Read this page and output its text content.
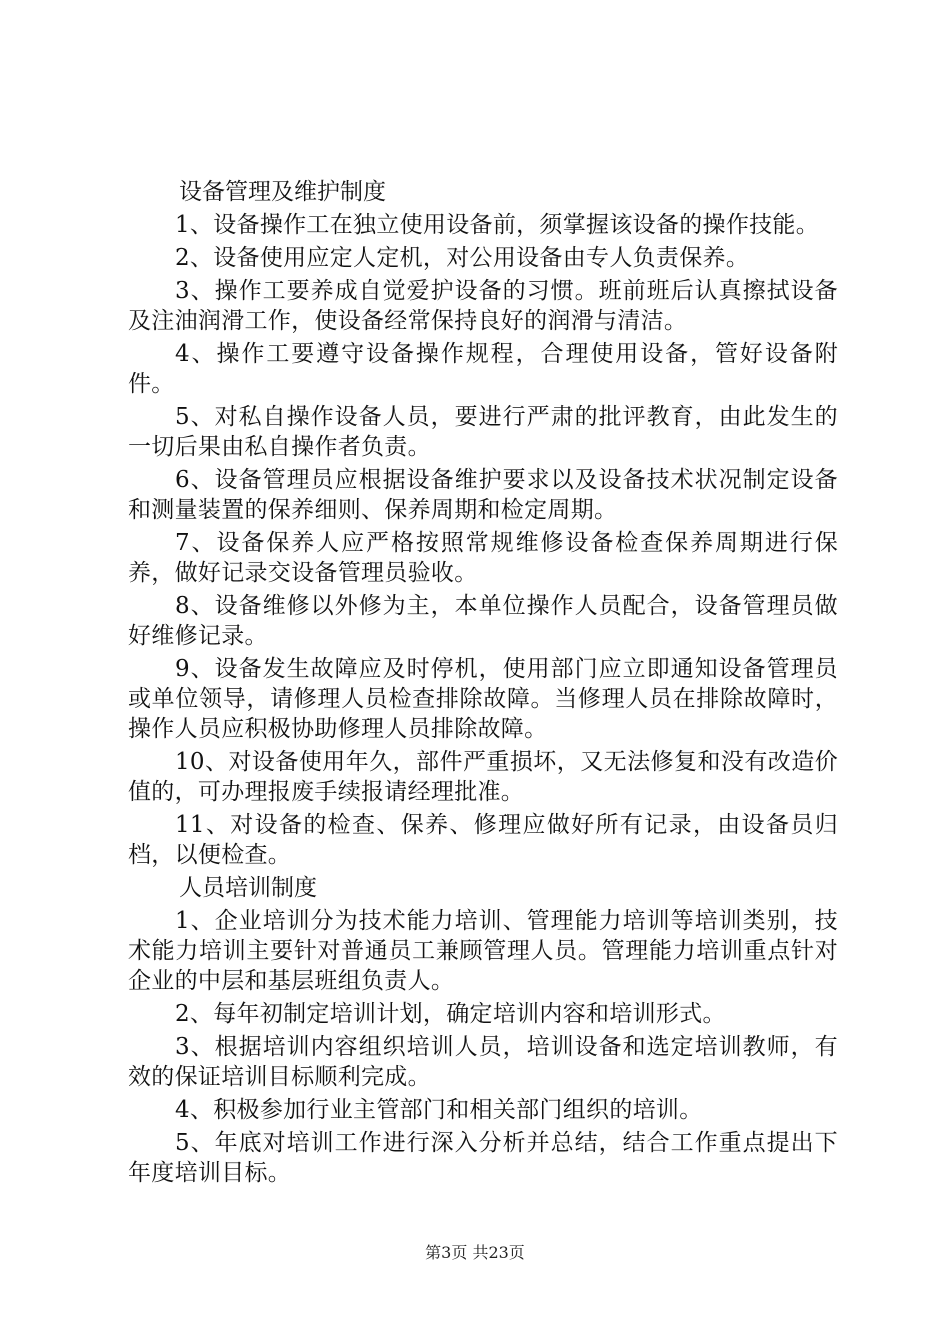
设备管理及维护制度

1、设备操作工在独立使用设备前，须掌握该设备的操作技能。

2、设备使用应定人定机，对公用设备由专人负责保养。

3、操作工要养成自觉爱护设备的习惯。班前班后认真擦拭设备及注油润滑工作，使设备经常保持良好的润滑与清洁。

4、操作工要遵守设备操作规程，合理使用设备，管好设备附件。

5、对私自操作设备人员，要进行严肃的批评教育，由此发生的一切后果由私自操作者负责。

6、设备管理员应根据设备维护要求以及设备技术状况制定设备和测量装置的保养细则、保养周期和检定周期。

7、设备保养人应严格按照常规维修设备检查保养周期进行保养，做好记录交设备管理员验收。

8、设备维修以外修为主，本单位操作人员配合，设备管理员做好维修记录。

9、设备发生故障应及时停机，使用部门应立即通知设备管理员或单位领导，请修理人员检查排除故障。当修理人员在排除故障时，操作人员应积极协助修理人员排除故障。

10、对设备使用年久，部件严重损坏，又无法修复和没有改造价值的，可办理报废手续报请经理批准。

11、对设备的检查、保养、修理应做好所有记录，由设备员归档，以便检查。

人员培训制度

1、企业培训分为技术能力培训、管理能力培训等培训类别，技术能力培训主要针对普通员工兼顾管理人员。管理能力培训重点针对企业的中层和基层班组负责人。

2、每年初制定培训计划，确定培训内容和培训形式。

3、根据培训内容组织培训人员，培训设备和选定培训教师，有效的保证培训目标顺利完成。

4、积极参加行业主管部门和相关部门组织的培训。

5、年底对培训工作进行深入分析并总结，结合工作重点提出下年度培训目标。

第3页 共23页
